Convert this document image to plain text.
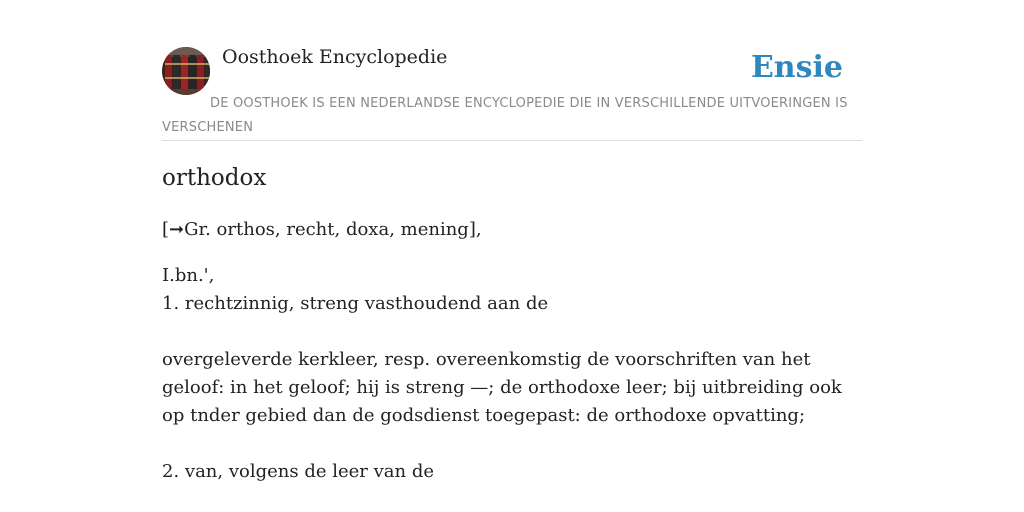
Oosthoek Encyclopedie	Ensie
DE OOSTHOEK IS EEN NEDERLANDSE ENCYCLOPEDIE DIE IN VERSCHILLENDE UITVOERINGEN IS VERSCHENEN
orthodox

[➞Gr. orthos, recht, doxa, mening],

I.bn.',
1. rechtzinnig, streng vasthoudend aan de
overgeleverde kerkleer, resp. overeenkomstig de voorschriften van het geloof: in het geloof; hij is streng —; de orthodoxe leer; bij uitbreiding ook op tnder gebied dan de godsdienst toegepast: de orthodoxe opvatting;
2. van, volgens de leer van de
